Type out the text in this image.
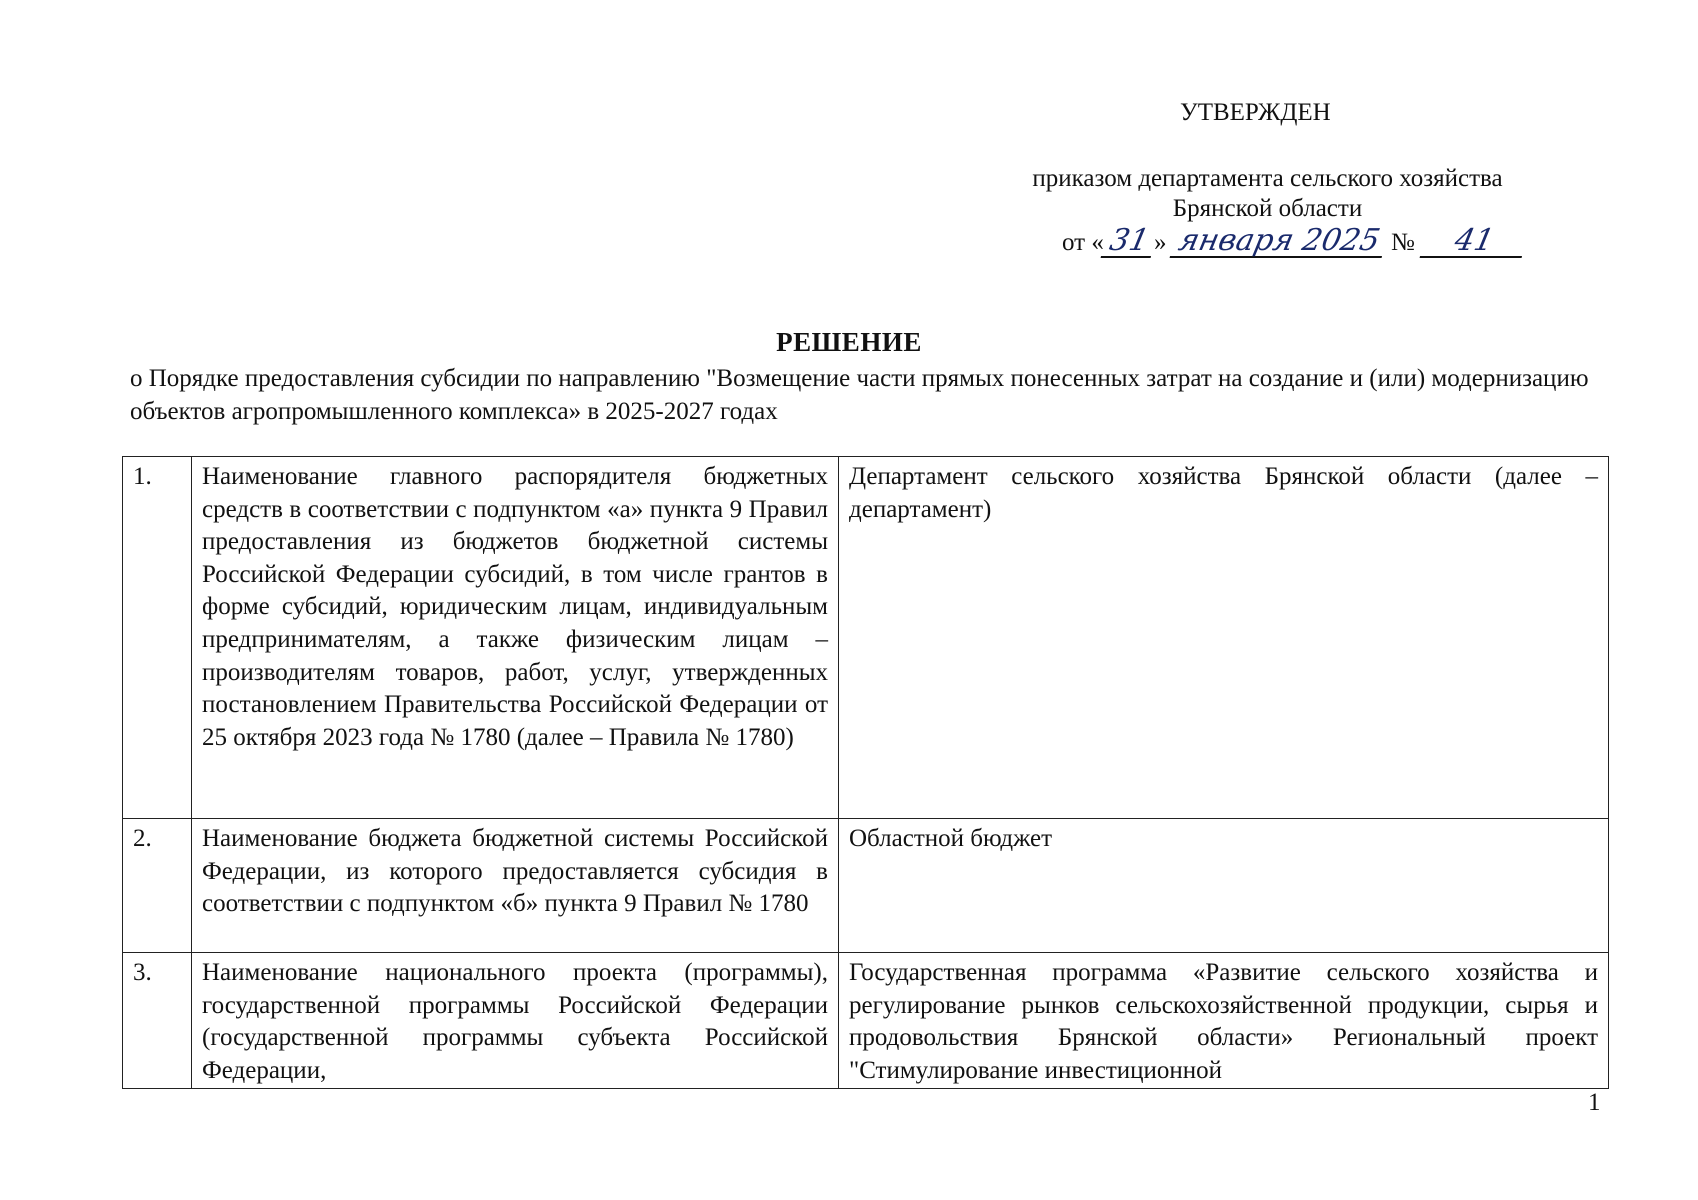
УТВЕРЖДЕН
приказом департамента сельского хозяйства
Брянской области
от «31» января 2025 № 41
РЕШЕНИЕ
о Порядке предоставления субсидии по направлению "Возмещение части прямых понесенных затрат на создание и (или) модернизацию объектов агропромышленного комплекса» в 2025-2027 годах
1.	Наименование главного распорядителя бюджетных средств в соответствии с подпунктом «а» пункта 9 Правил предоставления из бюджетов бюджетной системы Российской Федерации субсидий, в том числе грантов в форме субсидий, юридическим лицам, индивидуальным предпринимателям, а также физическим лицам – производителям товаров, работ, услуг, утвержденных постановлением Правительства Российской Федерации от 25 октября 2023 года № 1780 (далее – Правила № 1780)	Департамент сельского хозяйства Брянской области (далее – департамент)
2.	Наименование бюджета бюджетной системы Российской Федерации, из которого предоставляется субсидия в соответствии с подпунктом «б» пункта 9 Правил № 1780	Областной бюджет
3.	Наименование национального проекта (программы), государственной программы Российской Федерации (государственной программы субъекта Российской Федерации,	Государственная программа «Развитие сельского хозяйства и регулирование рынков сельскохозяйственной продукции, сырья и продовольствия Брянской области» Региональный проект "Стимулирование инвестиционной
1
